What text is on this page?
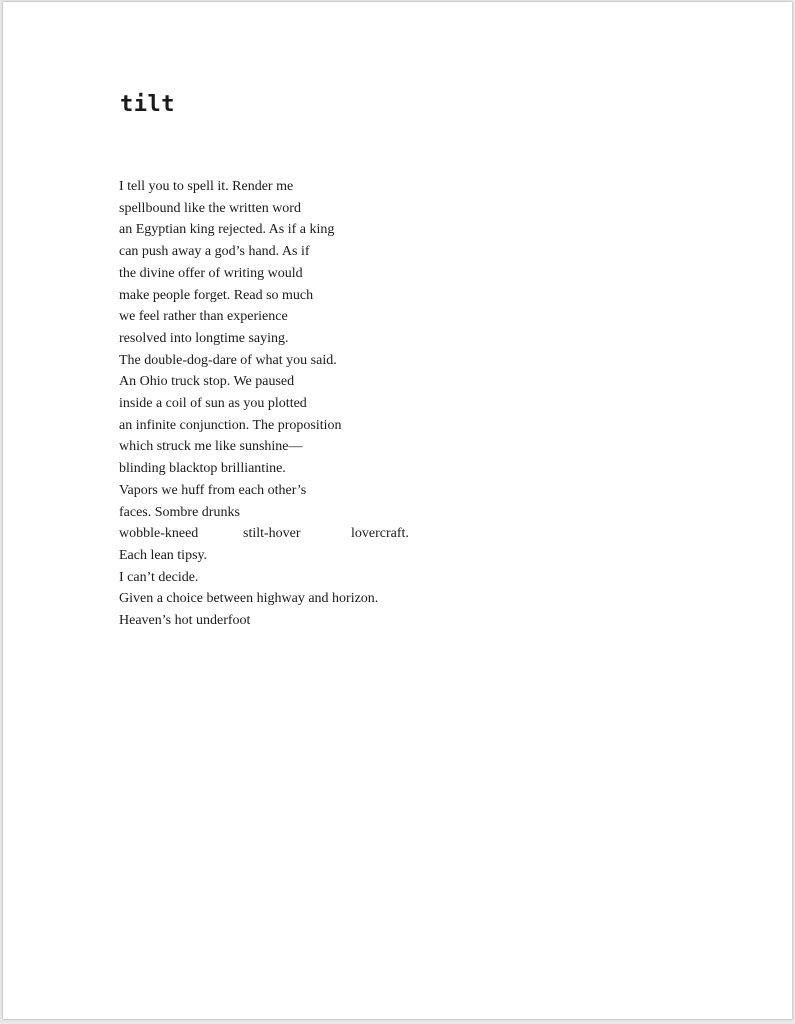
tilt
I tell you to spell it. Render me
spellbound like the written word
an Egyptian king rejected. As if a king
can push away a god’s hand. As if
the divine offer of writing would
make people forget. Read so much
we feel rather than experience
resolved into longtime saying.
The double-dog-dare of what you said.
An Ohio truck stop. We paused
inside a coil of sun as you plotted
an infinite conjunction. The proposition
which struck me like sunshine—
blinding blacktop brilliantine.
Vapors we huff from each other’s
faces. Sombre drunks
wobble-kneed	stilt-hover	lovercraft.
Each lean tipsy.
I can’t decide.
Given a choice between highway and horizon.
Heaven’s hot underfoot
